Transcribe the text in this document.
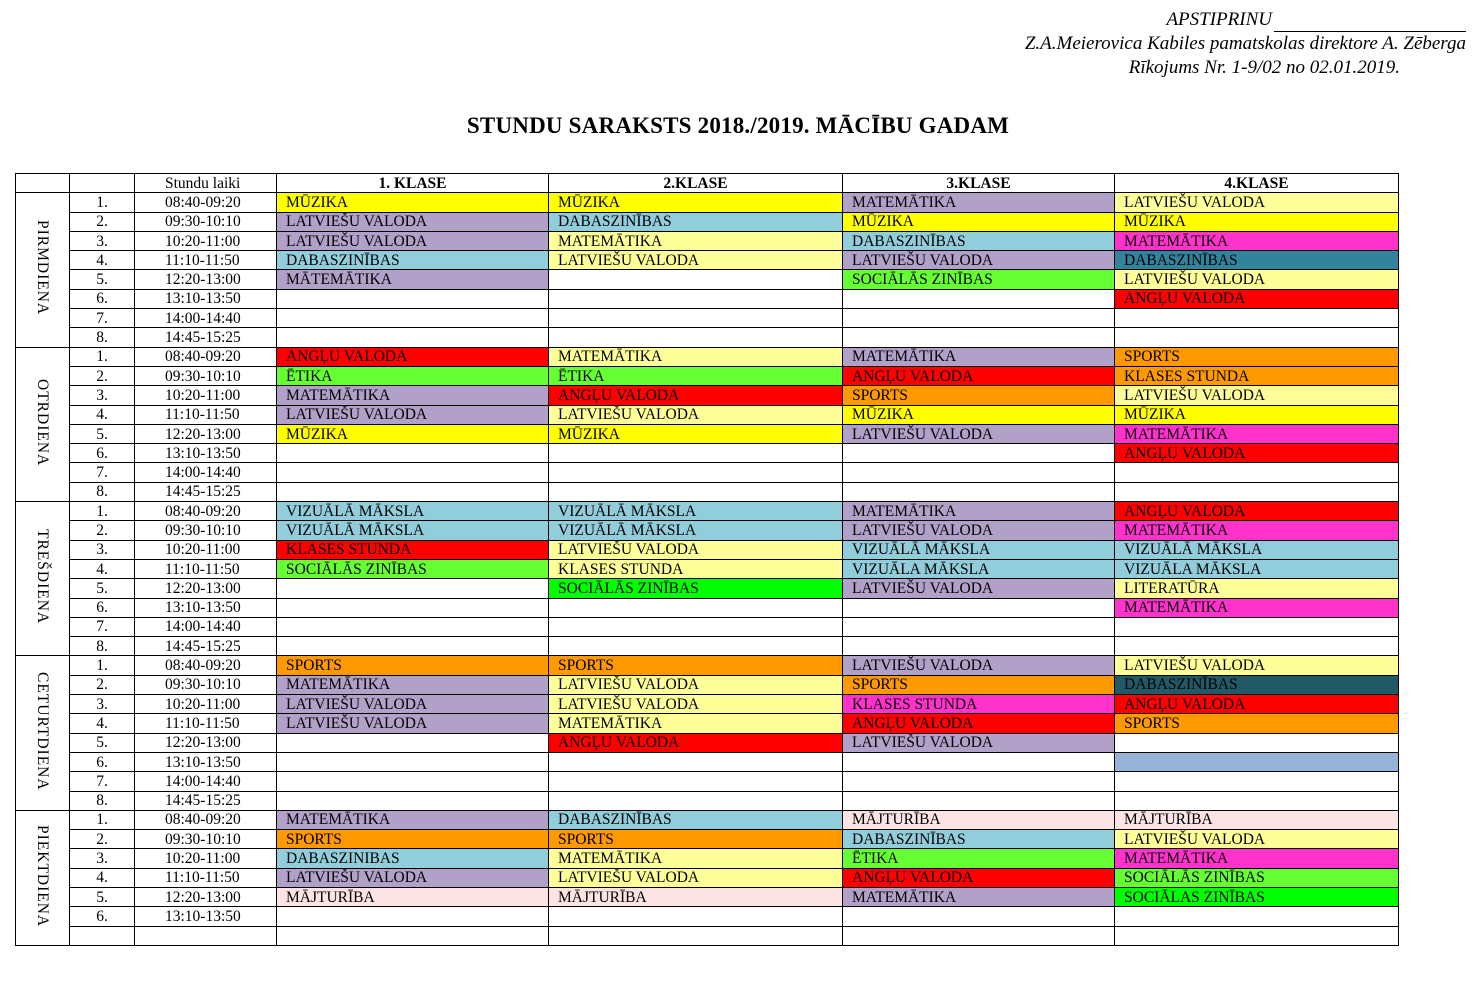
APSTIPRINU
Z.A.Meierovica Kabiles pamatskolas direktore A. Zēberga
Rīkojums Nr. 1-9/02 no 02.01.2019.
STUNDU SARAKSTS 2018./2019. MĀCĪBU GADAM
		Stundu laiki	1. KLASE	2.KLASE	3.KLASE	4.KLASE
PIRMDIENA	1.	08:40-09:20	MŪZIKA	MŪZIKA	MATEMĀTIKA	LATVIEŠU VALODA
	2.	09:30-10:10	LATVIEŠU VALODA	DABASZINĪBAS	MŪZIKA	MŪZIKA
	3.	10:20-11:00	LATVIEŠU VALODA	MATEMĀTIKA	DABASZINĪBAS	MATEMĀTIKA
	4.	11:10-11:50	DABASZINĪBAS	LATVIEŠU VALODA	LATVIEŠU VALODA	DABASZINĪBAS
	5.	12:20-13:00	MĀTEMĀTIKA		SOCIĀLĀS ZINĪBAS	LATVIEŠU VALODA
	6.	13:10-13:50				ANGĻU VALODA
	7.	14:00-14:40				
	8.	14:45-15:25				
OTRDIENA	1.	08:40-09:20	ANGĻU VALODA	MATEMĀTIKA	MATEMĀTIKA	SPORTS
	2.	09:30-10:10	ĒTIKA	ĒTIKA	ANGĻU VALODA	KLASES STUNDA
	3.	10:20-11:00	MATEMĀTIKA	ANGĻU VALODA	SPORTS	LATVIEŠU VALODA
	4.	11:10-11:50	LATVIEŠU VALODA	LATVIEŠU VALODA	MŪZIKA	MŪZIKA
	5.	12:20-13:00	MŪZIKA	MŪZIKA	LATVIEŠU VALODA	MATEMĀTIKA
	6.	13:10-13:50				ANGĻU VALODA
	7.	14:00-14:40				
	8.	14:45-15:25				
TREŠDIENA	1.	08:40-09:20	VIZUĀLĀ MĀKSLA	VIZUĀLĀ MĀKSLA	MATEMĀTIKA	ANGĻU VALODA
	2.	09:30-10:10	VIZUĀLĀ MĀKSLA	VIZUĀLĀ MĀKSLA	LATVIEŠU VALODA	MATEMĀTIKA
	3.	10:20-11:00	KLASES STUNDA	LATVIEŠU VALODA	VIZUĀLĀ MĀKSLA	VIZUĀLĀ MĀKSLA
	4.	11:10-11:50	SOCIĀLĀS ZINĪBAS	KLASES STUNDA	VIZUĀLA MĀKSLA	VIZUĀLA MĀKSLA
	5.	12:20-13:00		SOCIĀLĀS ZINĪBAS	LATVIEŠU VALODA	LITERATŪRA
	6.	13:10-13:50				MATEMĀTIKA
	7.	14:00-14:40				
	8.	14:45-15:25				
CETURTDIENA	1.	08:40-09:20	SPORTS	SPORTS	LATVIEŠU VALODA	LATVIEŠU VALODA
	2.	09:30-10:10	MATEMĀTIKA	LATVIEŠU VALODA	SPORTS	DABASZINĪBAS
	3.	10:20-11:00	LATVIEŠU VALODA	LATVIEŠU VALODA	KLASES STUNDA	ANGĻU VALODA
	4.	11:10-11:50	LATVIEŠU VALODA	MATEMĀTIKA	ANGĻU VALODA	SPORTS
	5.	12:20-13:00		ANGĻU VALODA	LATVIEŠU VALODA	
	6.	13:10-13:50				
	7.	14:00-14:40				
	8.	14:45-15:25				
PIEKTDIENA	1.	08:40-09:20	MATEMĀTIKA	DABASZINĪBAS	MĀJTURĪBA	MĀJTURĪBA
	2.	09:30-10:10	SPORTS	SPORTS	DABASZINĪBAS	LATVIEŠU VALODA
	3.	10:20-11:00	DABASZINIBAS	MATEMĀTIKA	ĒTIKA	MATEMĀTIKA
	4.	11:10-11:50	LATVIEŠU VALODA	LATVIEŠU VALODA	ANGĻU VALODA	SOCIĀLĀS ZINĪBAS
	5.	12:20-13:00	MĀJTURĪBA	MĀJTURĪBA	MATEMĀTIKA	SOCIĀLAS ZINĪBAS
	6.	13:10-13:50				
